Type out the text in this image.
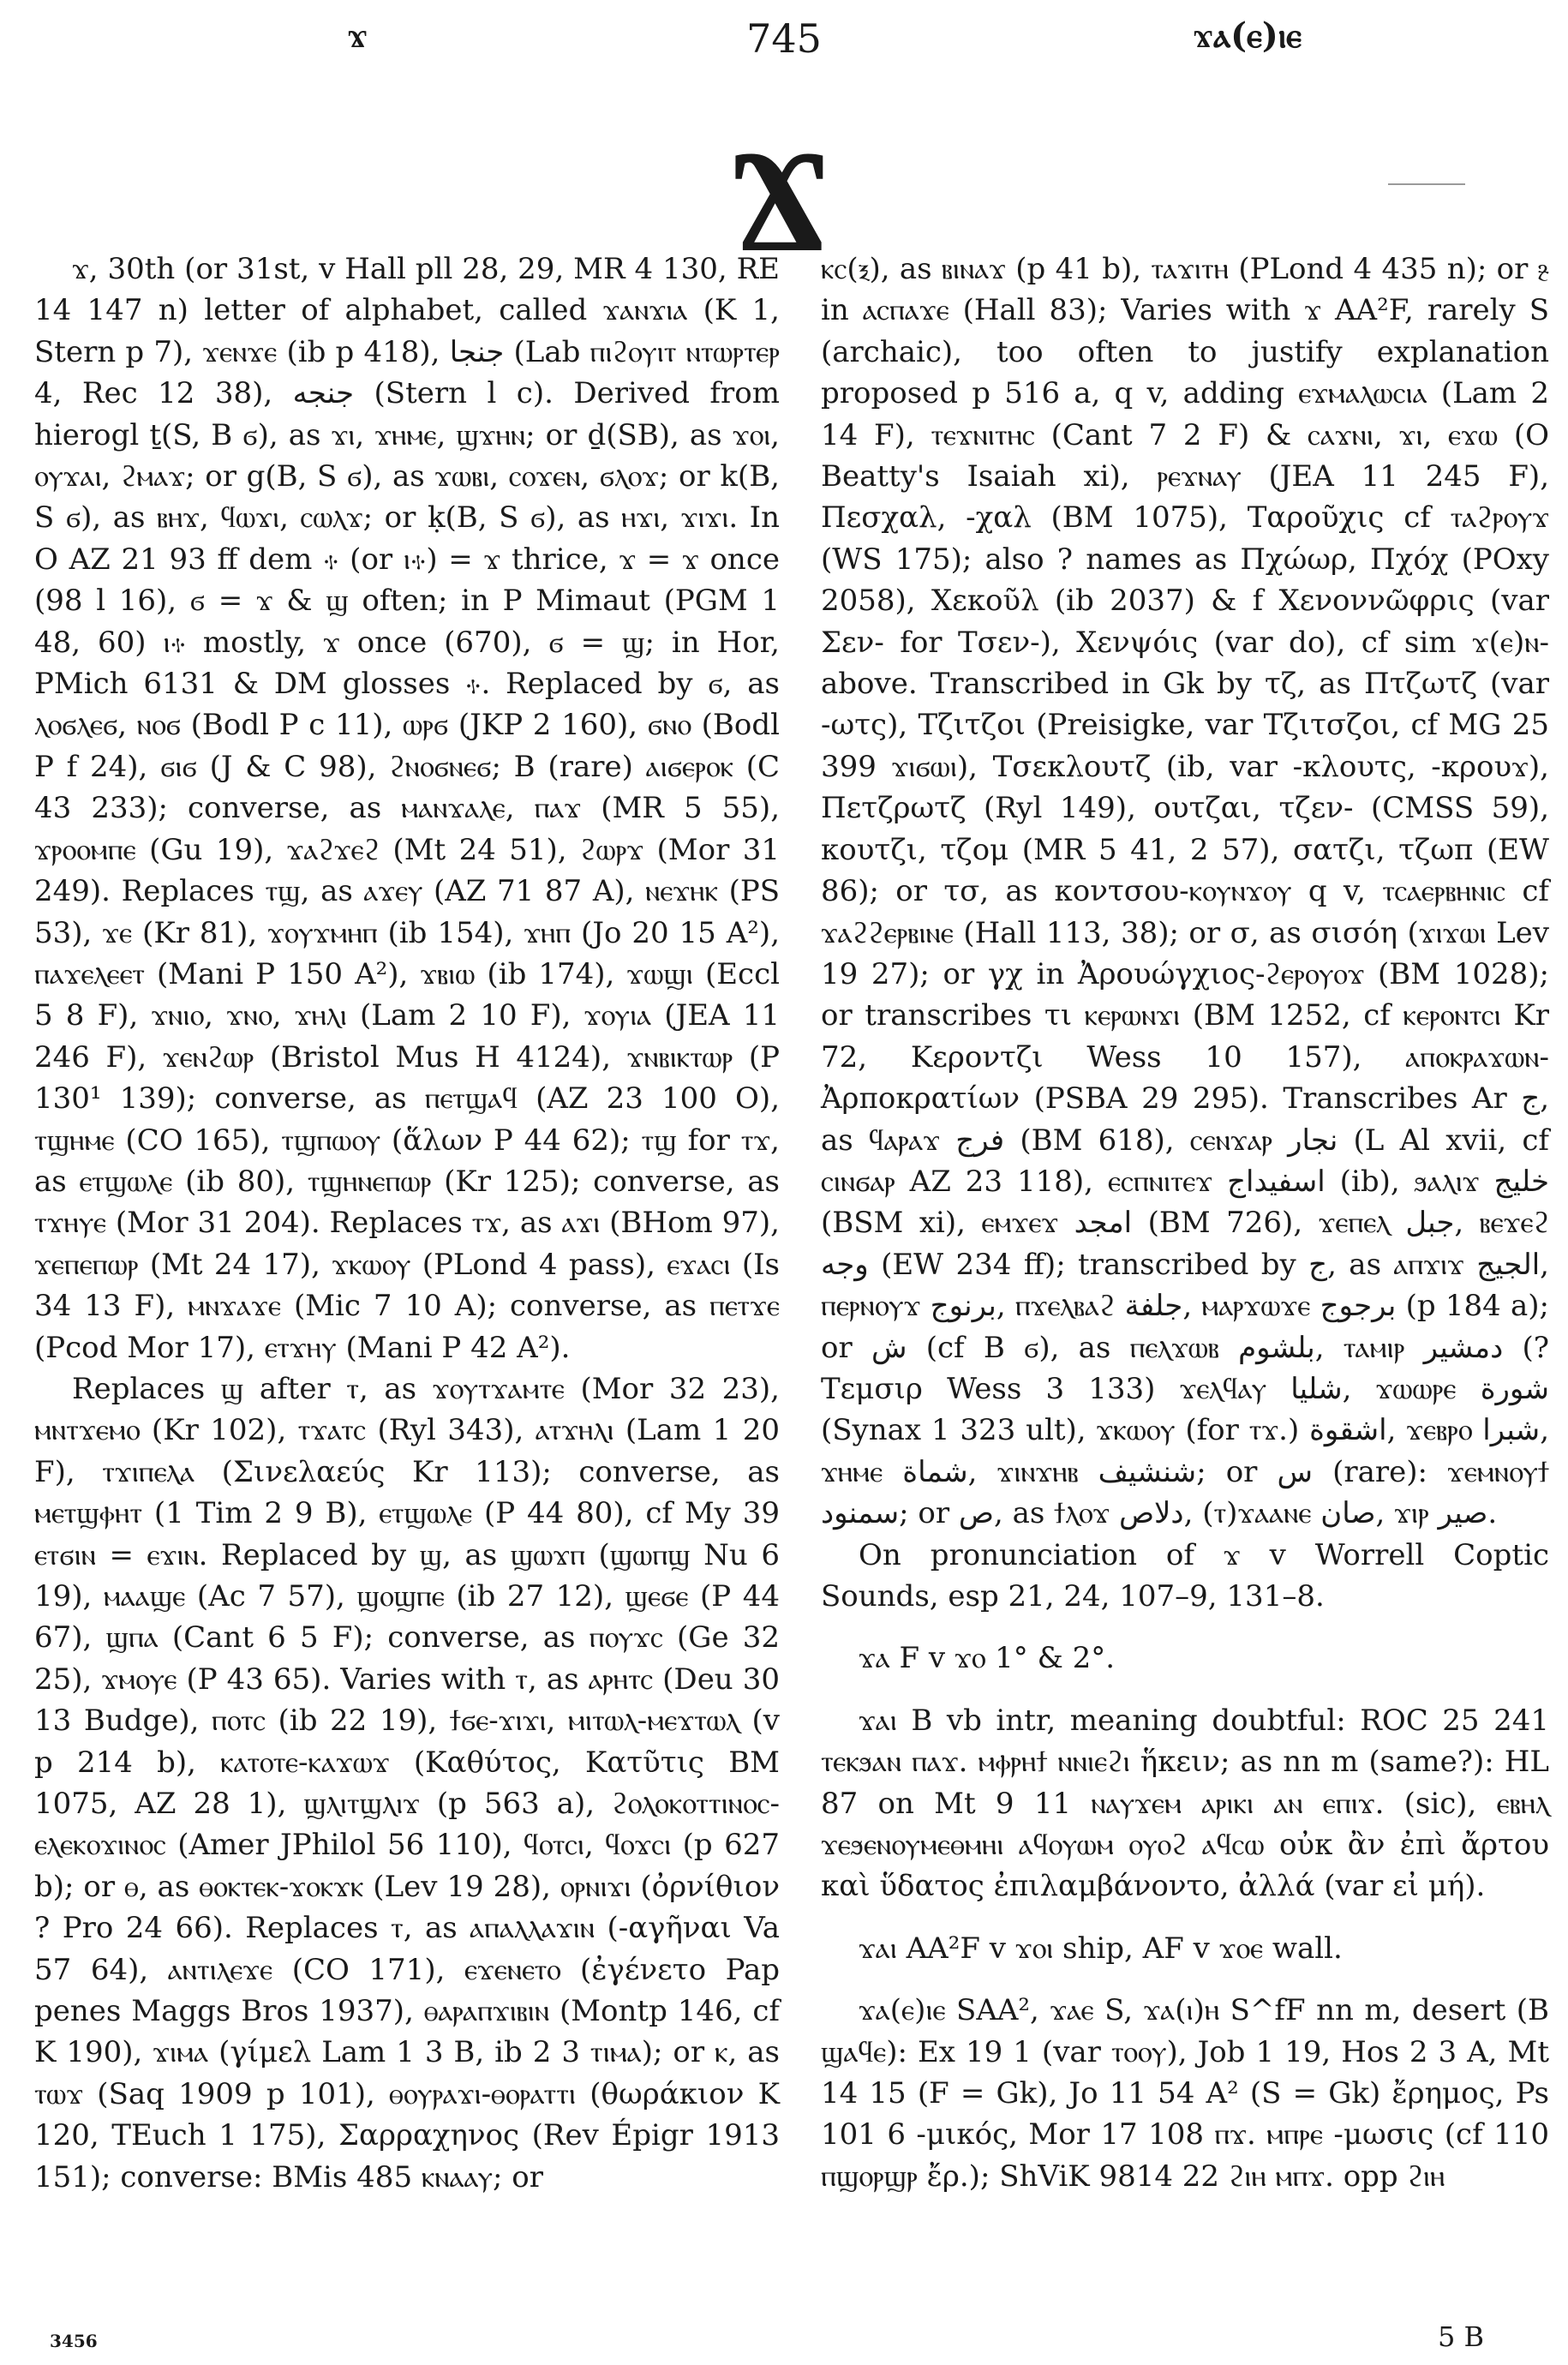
ϫ	745	ϫⲁ(ⲉ)ⲓⲉ
Ϫ

ϫ, 30th (or 31st, v Hall pll 28, 29, MR 4 130, RE 14 147 n) letter of alphabet, called ϫⲁⲛϫⲓⲁ (K 1, Stern p 7), ϫⲉⲛϫⲉ (ib p 418), جنجا (Lab ⲡⲓϩⲟⲩⲓⲧ ⲛⲧⲱⲣⲧⲉⲣ 4, Rec 12 38), جنجه (Stern l c). Derived from hierogl ṯ(S, B ϭ), as ϫⲓ, ϫⲏⲙⲉ, ϣϫⲏⲛ; or ḏ(SB), as ϫⲟⲓ, ⲟⲩϫⲁⲓ, ϩⲙⲁϫ; or g(B, S ϭ), as ϫⲱⲃⲓ, ⲥⲟϫⲉⲛ, ϭⲗⲟϫ; or k(B, S ϭ), as ⲃⲏϫ, ϥⲱϫⲓ, ⲥⲱⲗϫ; or ḳ(B, S ϭ), as ⲏϫⲓ, ϫⲓϫⲓ. In O AZ 21 93 ff dem ⳾ (or ⲓ⳾) = ϫ thrice, ϫ = ϫ once (98 l 16), ϭ = ϫ & ϣ often; in P Mimaut (PGM 1 48, 60) ⲓ⳾ mostly, ϫ once (670), ϭ = ϣ; in Hor, PMich 6131 & DM glosses ⳾. Replaced by ϭ, as ⲗⲟϭⲗⲉϭ, ⲛⲟϭ (Bodl P c 11), ⲱⲣϭ (JKP 2 160), ϭⲛⲟ (Bodl P f 24), ϭⲓϭ (J & C 98), ϩⲛⲟϭⲛⲉϭ; B (rare) ⲁⲓϭⲉⲣⲟⲕ (C 43 233); converse, as ⲙⲁⲛϫⲁⲗⲉ, ⲡⲁϫ (MR 5 55), ϫⲣⲟⲟⲙⲡⲉ (Gu 19), ϫⲁϩϫⲉϩ (Mt 24 51), ϩⲱⲣϫ (Mor 31 249). Replaces ⲧϣ, as ⲁϫⲉⲩ (AZ 71 87 A), ⲛⲉϫⲏⲕ (PS 53), ϫⲉ (Kr 81), ϫⲟⲩϫⲙⲏⲡ (ib 154), ϫⲏⲡ (Jo 20 15 A²), ⲡⲁϫⲉⲗⲉⲉⲧ (Mani P 150 A²), ϫⲃⲓⲱ (ib 174), ϫⲱϣⲓ (Eccl 5 8 F), ϫⲛⲓⲟ, ϫⲛⲟ, ϫⲏⲗⲓ (Lam 2 10 F), ϫⲟⲩⲓⲁ (JEA 11 246 F), ϫⲉⲛϩⲱⲣ (Bristol Mus H 4124), ϫⲛⲃⲓⲕⲧⲱⲣ (P 130¹ 139); converse, as ⲡⲉⲧϣⲁϥ (AZ 23 100 O), ⲧϣⲏⲙⲉ (CO 165), ⲧϣⲡⲱⲟⲩ (ἅλων P 44 62); ⲧϣ for ⲧϫ, as ⲉⲧϣⲱⲗⲉ (ib 80), ⲧϣⲏⲛⲉⲡⲱⲣ (Kr 125); converse, as ⲧϫⲏⲩⲉ (Mor 31 204). Replaces ⲧϫ, as ⲁϫⲓ (BHom 97), ϫⲉⲡⲉⲡⲱⲣ (Mt 24 17), ϫⲕⲱⲟⲩ (PLond 4 pass), ⲉϫⲁⲥⲓ (Is 34 13 F), ⲙⲛϫⲁϫⲉ (Mic 7 10 A); converse, as ⲡⲉⲧϫⲉ (Pcod Mor 17), ⲉⲧϫⲏⲩ (Mani P 42 A²).

Replaces ϣ after ⲧ, as ϫⲟⲩⲧϫⲁⲙⲧⲉ (Mor 32 23), ⲙⲛⲧϫⲉⲙⲟ (Kr 102), ⲧϫⲁⲧⲥ (Ryl 343), ⲁⲧϫⲏⲗⲓ (Lam 1 20 F), ⲧϫⲓⲡⲉⲗⲁ (Σινελαεύς Kr 113); converse, as ⲙⲉⲧϣⲫⲏⲧ (1 Tim 2 9 B), ⲉⲧϣⲱⲗⲉ (P 44 80), cf My 39 ⲉⲧϭⲓⲛ = ⲉϫⲓⲛ. Replaced by ϣ, as ϣⲱϫⲡ (ϣⲱⲡϣ Nu 6 19), ⲙⲁⲁϣⲉ (Ac 7 57), ϣⲟϣⲡⲉ (ib 27 12), ϣⲉϭⲉ (P 44 67), ϣⲡⲁ (Cant 6 5 F); converse, as ⲡⲟⲩϫⲥ (Ge 32 25), ϫⲙⲟⲩⲉ (P 43 65). Varies with ⲧ, as ⲁⲣⲏⲧⲥ (Deu 30 13 Budge), ⲡⲟⲧⲥ (ib 22 19), ϯϭⲉ-ϫⲓϫⲓ, ⲙⲓⲧⲱⲗ-ⲙⲉϫⲧⲱⲗ (v p 214 b), ⲕⲁⲧⲟⲧⲉ-ⲕⲁϫⲱϫ (Καθύτος, Κατῦτις BM 1075, AZ 28 1), ϣⲗⲓⲧϣⲗⲓϫ (p 563 a), ϩⲟⲗⲟⲕⲟⲧⲧⲓⲛⲟⲥ-ⲉⲗⲉⲕⲟϫⲓⲛⲟⲥ (Amer JPhilol 56 110), ϥⲟⲧⲥⲓ, ϥⲟϫⲥⲓ (p 627 b); or ⲑ, as ⲑⲟⲕⲧⲉⲕ-ϫⲟⲕϫⲕ (Lev 19 28), ⲟⲣⲛⲓϫⲓ (ὀρνίθιον ? Pro 24 66). Replaces ⲧ, as ⲁⲡⲁⲗⲗⲁϫⲓⲛ (-αγῆναι Va 57 64), ⲁⲛⲧⲓⲗⲉϫⲉ (CO 171), ⲉϫⲉⲛⲉⲧⲟ (ἐγένετο Pap penes Maggs Bros 1937), ⲑⲁⲣⲁⲡϫⲓⲃⲓⲛ (Montp 146, cf K 190), ϫⲓⲙⲁ (γίμελ Lam 1 3 B, ib 2 3 ⲧⲓⲙⲁ); or ⲕ, as ⲧⲱϫ (Saq 1909 p 101), ⲑⲟⲩⲣⲁϫⲓ-ⲑⲟⲣⲁⲧⲧⲓ (θωράκιον K 120, TEuch 1 175), Σαρραχηνος (Rev Épigr 1913 151); converse: BMis 485 ⲕⲛⲁⲁⲩ; or

ⲕⲥ(ⲝ), as ⲃⲓⲛⲁϫ (p 41 b), ⲧⲁϫⲓⲧⲏ (PLond 4 435 n); or ⳉ in ⲁⲥⲡⲁϫⲉ (Hall 83); Varies with ϫ AA²F, rarely S (archaic), too often to justify explanation proposed p 516 a, q v, adding ⲉϫⲙⲁⲗⲱⲥⲓⲁ (Lam 2 14 F), ⲧⲉϫⲛⲓⲧⲏⲥ (Cant 7 2 F) & ⲥⲁϫⲛⲓ, ϫⲓ, ⲉϫⲱ (O Beatty's Isaiah xi), ⲣⲉϫⲛⲁⲩ (JEA 11 245 F), Πεσχαλ, -χαλ (BM 1075), Ταροῦχις cf ⲧⲁϩⲣⲟⲩϫ (WS 175); also ? names as Πχώωρ, Πχόχ (POxy 2058), Χεκοῦλ (ib 2037) & f Χενοννῶφρις (var Σεν- for Τσεν-), Χενψόις (var do), cf sim ϫ(ⲉ)ⲛ- above. Transcribed in Gk by τζ, as Πτζωτζ (var -ωτς), Τζιτζοι (Preisigke, var Τζιτσζοι, cf MG 25 399 ϫⲓϭⲱⲓ), Τσεκλουτζ (ib, var -κλουτς, -κρουϫ), Πετζρωτζ (Ryl 149), ουτζαι, τζεν- (CMSS 59), κουτζι, τζομ (MR 5 41, 2 57), σατζι, τζωπ (EW 86); or τσ, as κοντσου-ⲕⲟⲩⲛϫⲟⲩ q v, ⲧⲥⲁⲉⲣⲃⲏⲛⲓⲥ cf ϫⲁϩϩⲉⲣⲃⲓⲛⲉ (Hall 113, 38); or σ, as σισόη (ϫⲓϫⲱⲓ Lev 19 27); or γχ in Ἀρουώγχιος-ϩⲉⲣⲟⲩⲟϫ (BM 1028); or transcribes τι ⲕⲉⲣⲱⲛϫⲓ (BM 1252, cf ⲕⲉⲣⲟⲛⲧⲥⲓ Kr 72, Κεροντζι Wess 10 157), ⲁⲡⲟⲕⲣⲁϫⲱⲛ-Ἀρποκρατίων (PSBA 29 295). Transcribes Ar ج, as ϥⲁⲣⲁϫ فرج (BM 618), ⲥⲉⲛϫⲁⲣ نجار (L Al xvii, cf ⲥⲓⲛϭⲁⲣ AZ 23 118), ⲉⲥⲡⲛⲓⲧⲉϫ اسفيداج (ib), ϧⲁⲗⲓϫ خليج (BSM xi), ⲉⲙϫⲉϫ امجد (BM 726), ϫⲉⲡⲉⲗ جبل, ⲃⲉϫⲉϩ وجه (EW 234 ff); transcribed by ج, as ⲁⲡϫⲓϫ الجيج, ⲡⲉⲣⲛⲟⲩϫ برنوج, ⲡϫⲉⲗⲃⲁϩ جلفة, ⲙⲁⲣϫⲱϫⲉ برجوج (p 184 a); or ش (cf B ϭ), as ⲡⲉⲗϫⲱⲃ بلشوم, ⲧⲁⲙⲓⲣ دمشير (? Τεμσιρ Wess 3 133) ϫⲉⲗϥⲁⲩ شليا, ϫⲱⲱⲣⲉ شورة (Synax 1 323 ult), ϫⲕⲱⲟⲩ (for ⲧϫ.) اشقوة, ϫⲉⲃⲣⲟ شبرا, ϫⲏⲙⲉ شماة, ϫⲓⲛϫⲏⲃ شنشيف; or س (rare): ϫⲉⲙⲛⲟⲩϯ سمنود; or ص, as ϯⲗⲟϫ دلاص, (ⲧ)ϫⲁⲁⲛⲉ صان, ϫⲓⲣ صير.

On pronunciation of ϫ v Worrell Coptic Sounds, esp 21, 24, 107–9, 131–8.

ϫⲁ F v ϫⲟ 1° & 2°.

ϫⲁⲓ B vb intr, meaning doubtful: ROC 25 241 ⲧⲉⲕϧⲁⲛ ⲡⲁϫ. ⲙⲫⲣⲏϯ ⲛⲛⲓⲉϩⲓ ἥκειν; as nn m (same?): HL 87 on Mt 9 11 ⲛⲁⲩϫⲉⲙ ⲁⲣⲓⲕⲓ ⲁⲛ ⲉⲡⲓϫ. (sic), ⲉⲃⲏⲗ ϫⲉϧⲉⲛⲟⲩⲙⲉⲑⲙⲏⲓ ⲁϥⲟⲩⲱⲙ ⲟⲩⲟϩ ⲁϥⲥⲱ οὐκ ἂν ἐπὶ ἄρτου καὶ ὕδατος ἐπιλαμβάνοντο, ἀλλά (var εἰ μή).

ϫⲁⲓ AA²F v ϫⲟⲓ ship, AF v ϫⲟⲉ wall.

ϫⲁ(ⲉ)ⲓⲉ SAA², ϫⲁⲉ S, ϫⲁ(ⲓ)ⲏ S^fF nn m, desert (B ϣⲁϥⲉ): Ex 19 1 (var ⲧⲟⲟⲩ), Job 1 19, Hos 2 3 A, Mt 14 15 (F = Gk), Jo 11 54 A² (S = Gk) ἔρημος, Ps 101 6 -μικός, Mor 17 108 ⲡϫ. ⲙⲡⲣⲉ -μωσις (cf 110 ⲡϣⲟⲣϣⲣ ἔρ.); ShViK 9814 22 ϩⲓⲏ ⲙⲡϫ. opp ϩⲓⲏ

3456	5 B
